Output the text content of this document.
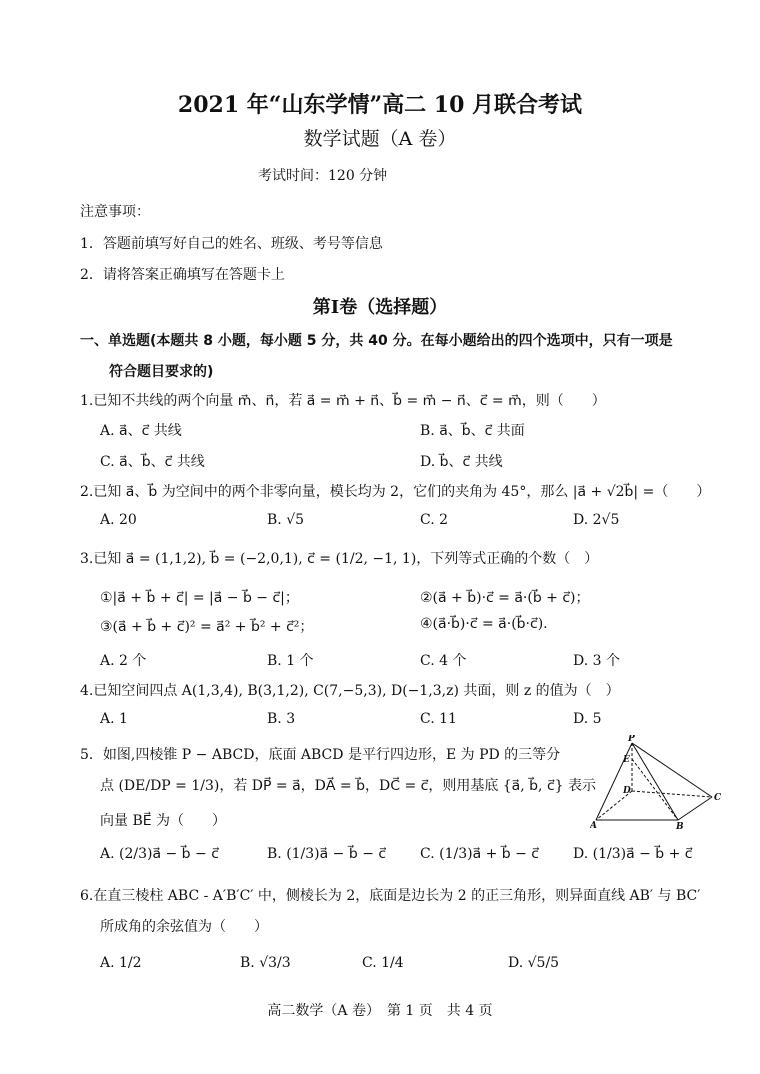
2021 年“山东学情”高二 10 月联合考试
数学试题（A 卷）
考试时间：120 分钟
注意事项：
1．答题前填写好自己的姓名、班级、考号等信息
2．请将答案正确填写在答题卡上
第Ⅰ卷（选择题）
一、单选题(本题共 8 小题，每小题 5 分，共 40 分。在每小题给出的四个选项中，只有一项是
符合题目要求的)
1.已知不共线的两个向量 m⃗、n⃗，若 a⃗ = m⃗ + n⃗、b⃗ = m⃗ − n⃗、c⃗ = m⃗，则（　　）
A. a⃗、c⃗ 共线	B. a⃗、b⃗、c⃗ 共面
C. a⃗、b⃗、c⃗ 共线	D. b⃗、c⃗ 共线
2.已知 a⃗、b⃗ 为空间中的两个非零向量，模长均为 2，它们的夹角为 45°，那么 |a⃗ + √2b⃗| =（　　）
A. 20	B. √5	C. 2	D. 2√5
3.已知 a⃗ = (1,1,2), b⃗ = (−2,0,1), c⃗ = (1/2, −1, 1)，下列等式正确的个数（　）
①|a⃗ + b⃗ + c⃗| = |a⃗ − b⃗ − c⃗|；	②(a⃗ + b⃗)·c⃗ = a⃗·(b⃗ + c⃗)；
③(a⃗ + b⃗ + c⃗)² = a⃗² + b⃗² + c⃗²；	④(a⃗·b⃗)·c⃗ = a⃗·(b⃗·c⃗).
A. 2 个	B. 1 个	C. 4 个	D. 3 个
4.已知空间四点 A(1,3,4), B(3,1,2), C(7,−5,3), D(−1,3,z) 共面，则 z 的值为（　）
A. 1	B. 3	C. 11	D. 5
5．如图,四棱锥 P − ABCD，底面 ABCD 是平行四边形，E 为 PD 的三等分
点 (DE/DP = 1/3)，若 DP⃗ = a⃗，DA⃗ = b⃗，DC⃗ = c⃗，则用基底 {a⃗, b⃗, c⃗} 表示
向量 BE⃗ 为（　　）
A. (2/3)a⃗ − b⃗ − c⃗	B. (1/3)a⃗ − b⃗ − c⃗ C. (1/3)a⃗ + b⃗ − c⃗ D. (1/3)a⃗ − b⃗ + c⃗
P
E
D
C
A	B
6.在直三棱柱 ABC - A′B′C′ 中，侧棱长为 2，底面是边长为 2 的正三角形，则异面直线 AB′ 与 BC′
所成角的余弦值为（　　）
A. 1/2	B. √3/3	C. 1/4	D. √5/5
高二数学（A 卷）　第 1 页　共 4 页
